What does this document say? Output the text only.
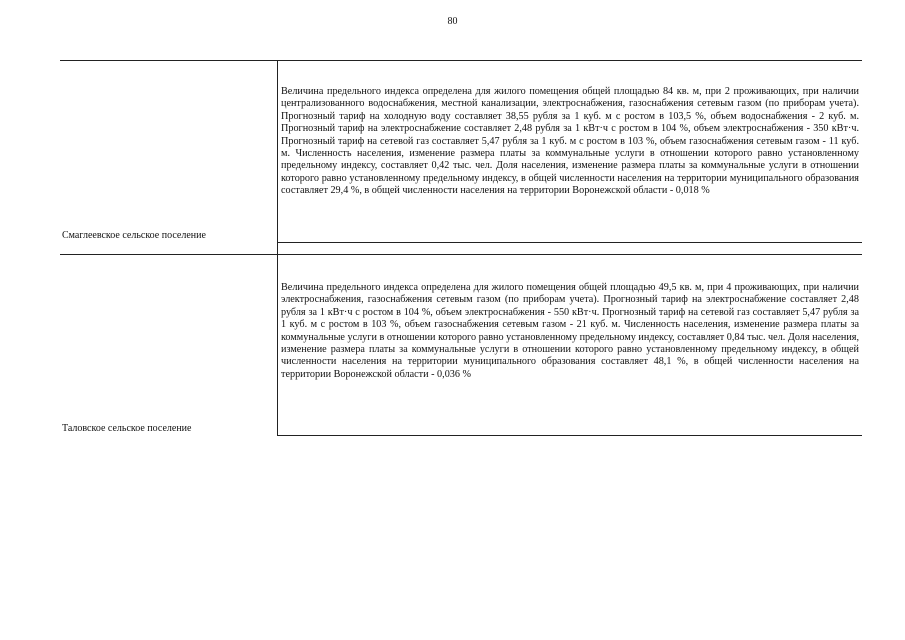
80
Величина предельного индекса определена для жилого помещения общей площадью 84 кв. м, при 2 проживающих, при наличии централизованного водоснабжения, местной канализации, электроснабжения, газоснабжения сетевым газом (по приборам учета). Прогнозный тариф на холодную воду составляет 38,55 рубля за 1 куб. м с ростом в 103,5 %, объем водоснабжения - 2 куб. м. Прогнозный тариф на электроснабжение составляет 2,48 рубля за 1 кВт·ч с ростом в 104 %, объем электроснабжения - 350 кВт·ч. Прогнозный тариф на сетевой газ составляет 5,47 рубля за 1 куб. м с ростом в 103 %, объем газоснабжения сетевым газом - 11 куб. м. Численность населения, изменение размера платы за коммунальные услуги в отношении которого равно установленному предельному индексу, составляет 0,42 тыс. чел. Доля населения, изменение размера платы за коммунальные услуги в отношении которого равно установленному предельному индексу, в общей численности населения на территории муниципального образования составляет 29,4 %, в общей численности населения на территории Воронежской области - 0,018 %
Смаглеевское сельское поселение
Величина предельного индекса определена для жилого помещения общей площадью 49,5 кв. м, при 4 проживающих, при наличии электроснабжения, газоснабжения сетевым газом (по приборам учета). Прогнозный тариф на электроснабжение составляет 2,48 рубля за 1 кВт·ч с ростом в 104 %, объем электроснабжения - 550 кВт·ч. Прогнозный тариф на сетевой газ составляет 5,47 рубля за 1 куб. м с ростом в 103 %, объем газоснабжения сетевым газом - 21 куб. м. Численность населения, изменение размера платы за коммунальные услуги в отношении которого равно установленному предельному индексу, составляет 0,84 тыс. чел. Доля населения, изменение размера платы за коммунальные услуги в отношении которого равно установленному предельному индексу, в общей численности населения на территории муниципального образования составляет 48,1 %, в общей численности населения на территории Воронежской области - 0,036 %
Таловское сельское поселение
